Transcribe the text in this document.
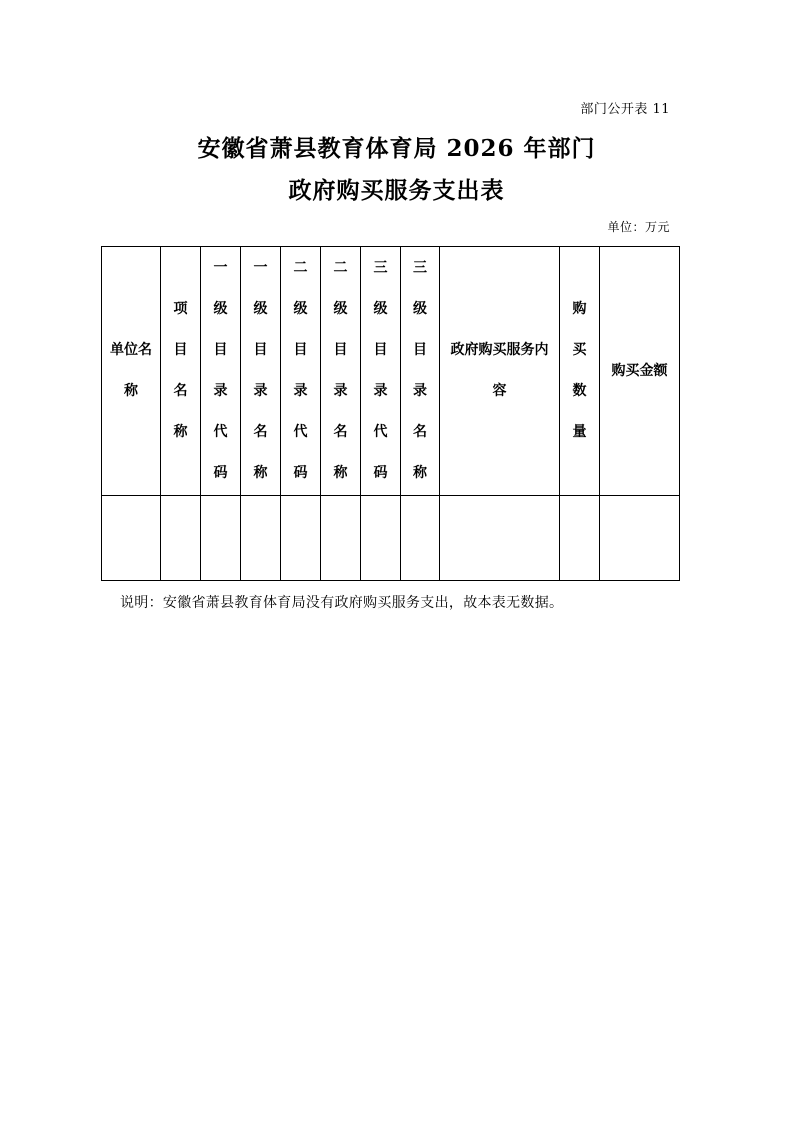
部门公开表 11
安徽省萧县教育体育局 2026 年部门
政府购买服务支出表
单位：万元
单位名称	项目名称	一级目录代码	一级目录名称	二级目录代码	二级目录名称	三级目录代码	三级目录名称	政府购买服务内容	购买数量	购买金额

说明：安徽省萧县教育体育局没有政府购买服务支出，故本表无数据。
